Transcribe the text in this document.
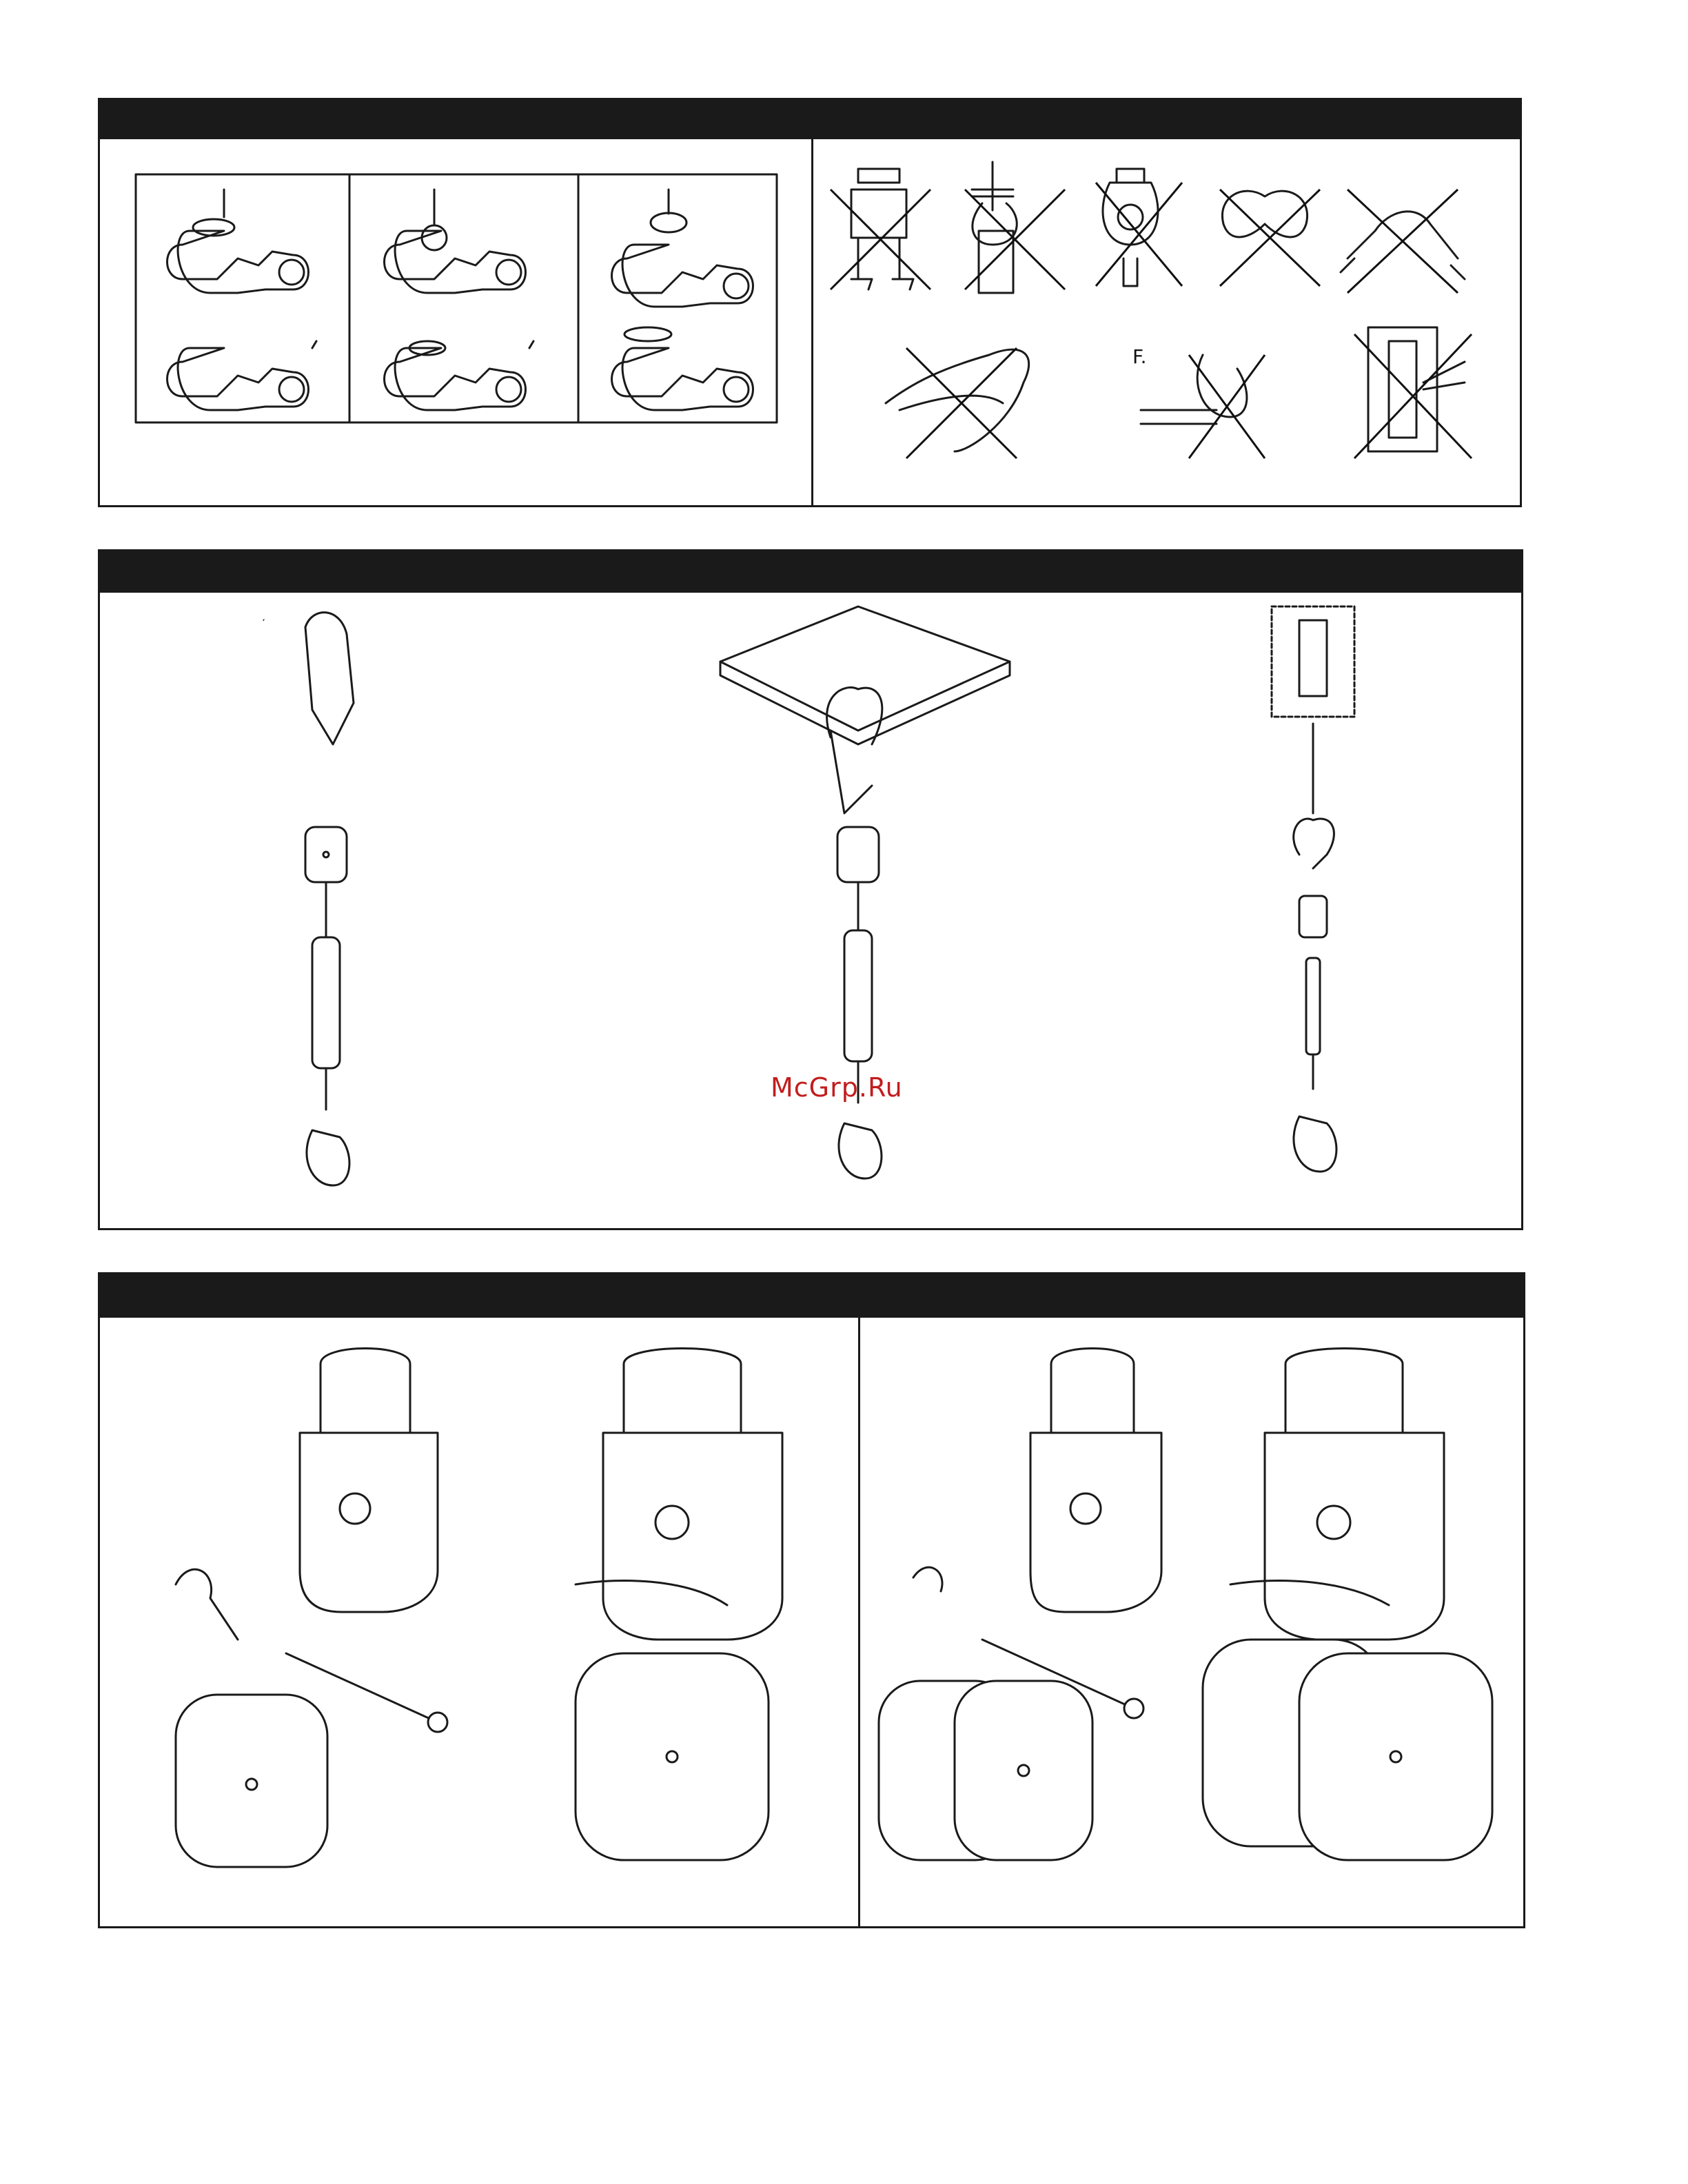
F.
McGrp.Ru
